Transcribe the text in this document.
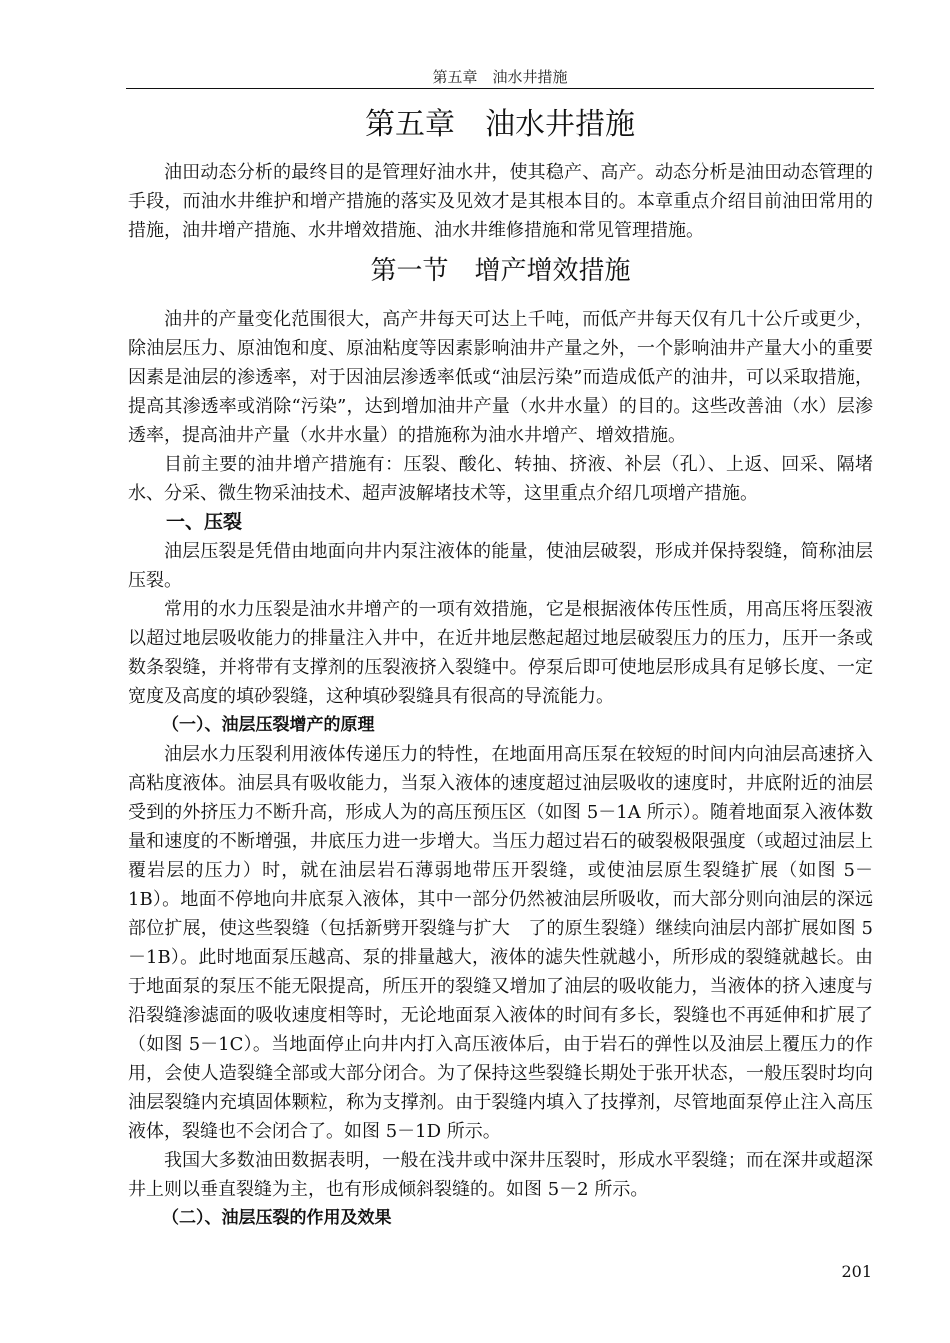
第五章　油水井措施
第五章　油水井措施

油田动态分析的最终目的是管理好油水井，使其稳产、高产。动态分析是油田动态管理的手段，而油水井维护和增产措施的落实及见效才是其根本目的。本章重点介绍目前油田常用的措施，油井增产措施、水井增效措施、油水井维修措施和常见管理措施。

第一节　增产增效措施

油井的产量变化范围很大，高产井每天可达上千吨，而低产井每天仅有几十公斤或更少，除油层压力、原油饱和度、原油粘度等因素影响油井产量之外，一个影响油井产量大小的重要因素是油层的渗透率，对于因油层渗透率低或“油层污染”而造成低产的油井，可以采取措施，提高其渗透率或消除“污染”，达到增加油井产量（水井水量）的目的。这些改善油（水）层渗透率，提高油井产量（水井水量）的措施称为油水井增产、增效措施。

目前主要的油井增产措施有：压裂、酸化、转抽、挤液、补层（孔）、上返、回采、隔堵水、分采、微生物采油技术、超声波解堵技术等，这里重点介绍几项增产措施。

一、压裂

油层压裂是凭借由地面向井内泵注液体的能量，使油层破裂，形成并保持裂缝，简称油层压裂。

常用的水力压裂是油水井增产的一项有效措施，它是根据液体传压性质，用高压将压裂液以超过地层吸收能力的排量注入井中，在近井地层憋起超过地层破裂压力的压力，压开一条或数条裂缝，并将带有支撑剂的压裂液挤入裂缝中。停泵后即可使地层形成具有足够长度、一定宽度及高度的填砂裂缝，这种填砂裂缝具有很高的导流能力。

（一）、油层压裂增产的原理

油层水力压裂利用液体传递压力的特性，在地面用高压泵在较短的时间内向油层高速挤入高粘度液体。油层具有吸收能力，当泵入液体的速度超过油层吸收的速度时，井底附近的油层受到的外挤压力不断升高，形成人为的高压预压区（如图 5－1A 所示）。随着地面泵入液体数量和速度的不断增强，井底压力进一步增大。当压力超过岩石的破裂极限强度（或超过油层上覆岩层的压力）时，就在油层岩石薄弱地带压开裂缝，或使油层原生裂缝扩展（如图 5－1B）。地面不停地向井底泵入液体，其中一部分仍然被油层所吸收，而大部分则向油层的深远部位扩展，使这些裂缝（包括新劈开裂缝与扩大　了的原生裂缝）继续向油层内部扩展如图 5－1B）。此时地面泵压越高、泵的排量越大，液体的滤失性就越小，所形成的裂缝就越长。由于地面泵的泵压不能无限提高，所压开的裂缝又增加了油层的吸收能力，当液体的挤入速度与沿裂缝渗滤面的吸收速度相等时，无论地面泵入液体的时间有多长，裂缝也不再延伸和扩展了（如图 5－1C）。当地面停止向井内打入高压液体后，由于岩石的弹性以及油层上覆压力的作用，会使人造裂缝全部或大部分闭合。为了保持这些裂缝长期处于张开状态，一般压裂时均向油层裂缝内充填固体颗粒，称为支撑剂。由于裂缝内填入了技撑剂，尽管地面泵停止注入高压液体，裂缝也不会闭合了。如图 5－1D 所示。

我国大多数油田数据表明，一般在浅井或中深井压裂时，形成水平裂缝；而在深井或超深井上则以垂直裂缝为主，也有形成倾斜裂缝的。如图 5－2 所示。

（二）、油层压裂的作用及效果
201
